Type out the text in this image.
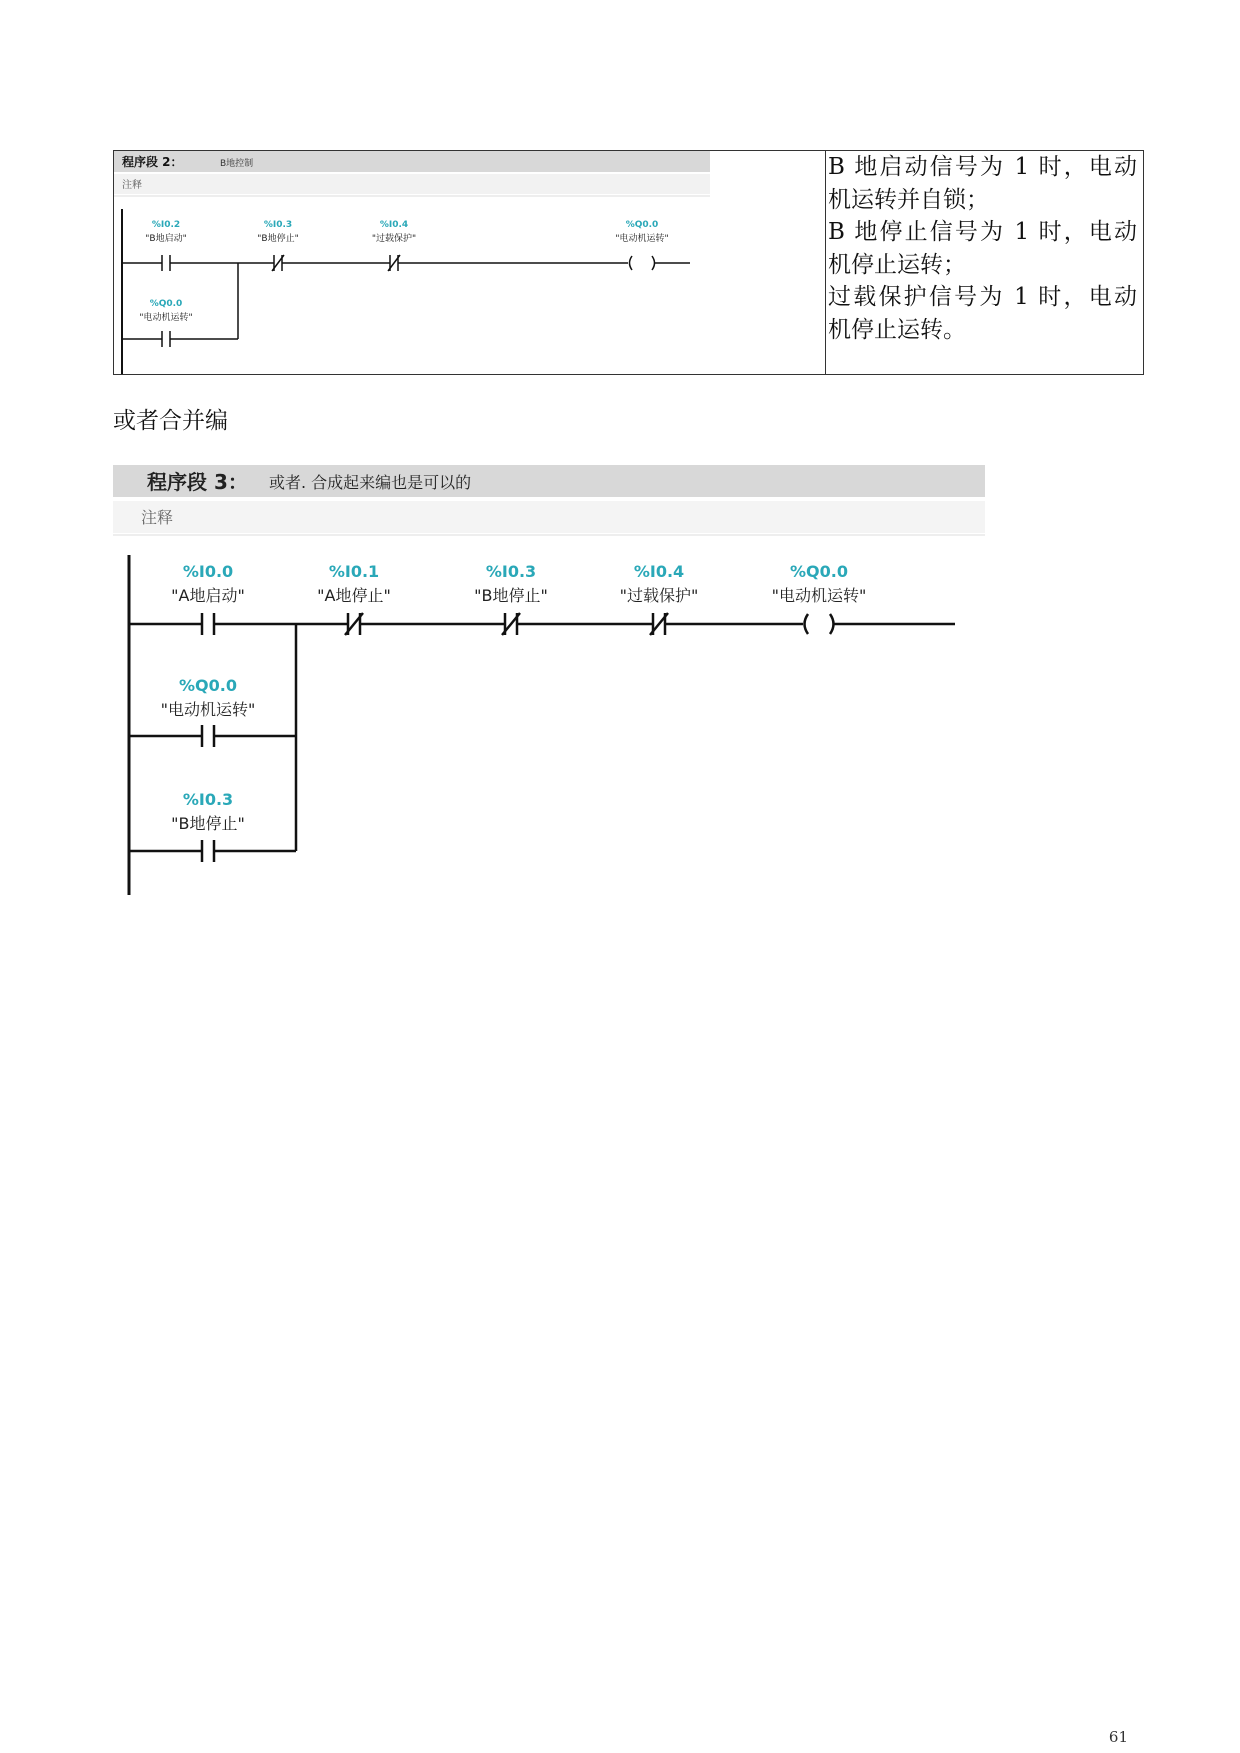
程序段 2：	B地控制
注释
%I0.2
"B地启动"
%I0.3
"B地停止"
%I0.4
"过载保护"
%Q0.0
"电动机运转"
%Q0.0
"电动机运转"

B 地启动信号为 1 时，电动

机运转并自锁；

B 地停止信号为 1 时，电动

机停止运转；

过载保护信号为 1 时，电动

机停止运转。

或者合并编

程序段 3： 或者. 合成起来编也是可以的
注释
%I0.0
"A地启动"
%I0.1
"A地停止"
%I0.3
"B地停止"
%I0.4
"过载保护"
%Q0.0
"电动机运转"
%Q0.0
"电动机运转"
%I0.3
"B地停止"
61
